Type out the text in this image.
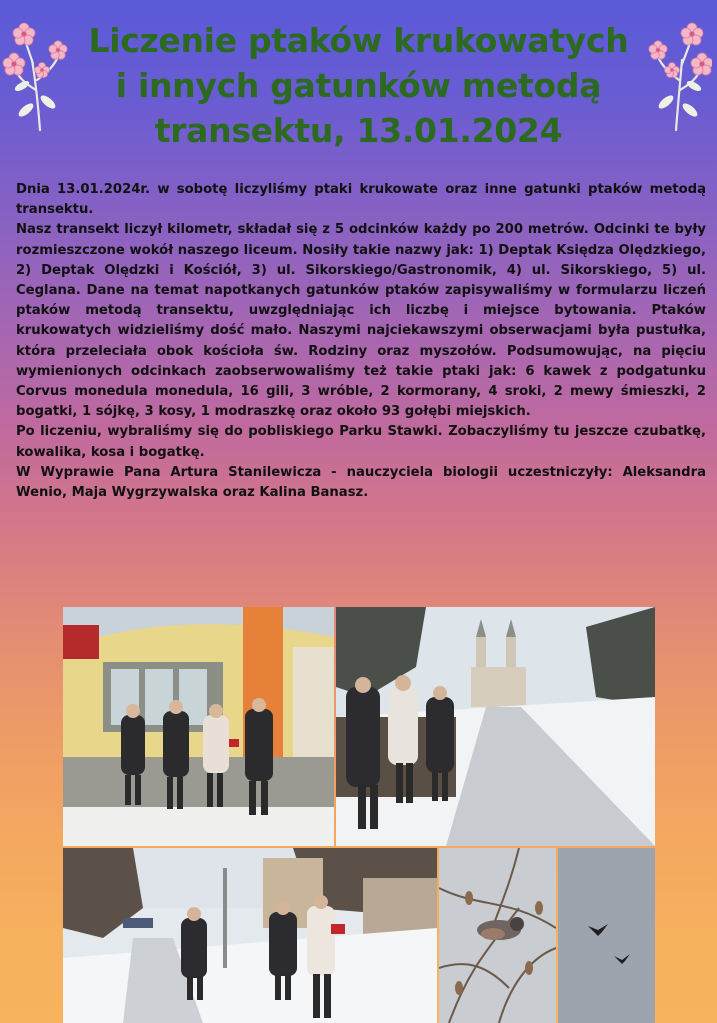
Liczenie ptaków krukowatych
i innych gatunków metodą
transektu, 13.01.2024

Dnia 13.01.2024r. w sobotę liczyliśmy ptaki krukowate oraz inne gatunki ptaków metodą transektu.

Nasz transekt liczył kilometr, składał się z 5 odcinków każdy po 200 metrów. Odcinki te były rozmieszczone wokół naszego liceum. Nosiły takie nazwy jak: 1) Deptak Księdza Olędzkiego, 2) Deptak Olędzki i Kościół, 3) ul. Sikorskiego/Gastronomik, 4) ul. Sikorskiego, 5) ul. Ceglana. Dane na temat napotkanych gatunków ptaków zapisywaliśmy w formularzu liczeń ptaków metodą transektu, uwzględniając ich liczbę i miejsce bytowania. Ptaków krukowatych widzieliśmy dość mało. Naszymi najciekawszymi obserwacjami była pustułka, która przeleciała obok kościoła św. Rodziny oraz myszołów. Podsumowując, na pięciu wymienionych odcinkach zaobserwowaliśmy też takie ptaki jak: 6 kawek z podgatunku Corvus monedula monedula, 16 gili, 3 wróble, 2 kormorany, 4 sroki, 2 mewy śmieszki, 2 bogatki, 1 sójkę, 3 kosy, 1 modraszkę oraz około 93 gołębi miejskich.

Po liczeniu, wybraliśmy się do pobliskiego Parku Stawki. Zobaczyliśmy tu jeszcze czubatkę, kowalika, kosa i bogatkę.

W Wyprawie Pana Artura Stanilewicza - nauczyciela biologii uczestniczyły: Aleksandra Wenio, Maja Wygrzywalska oraz Kalina Banasz.
